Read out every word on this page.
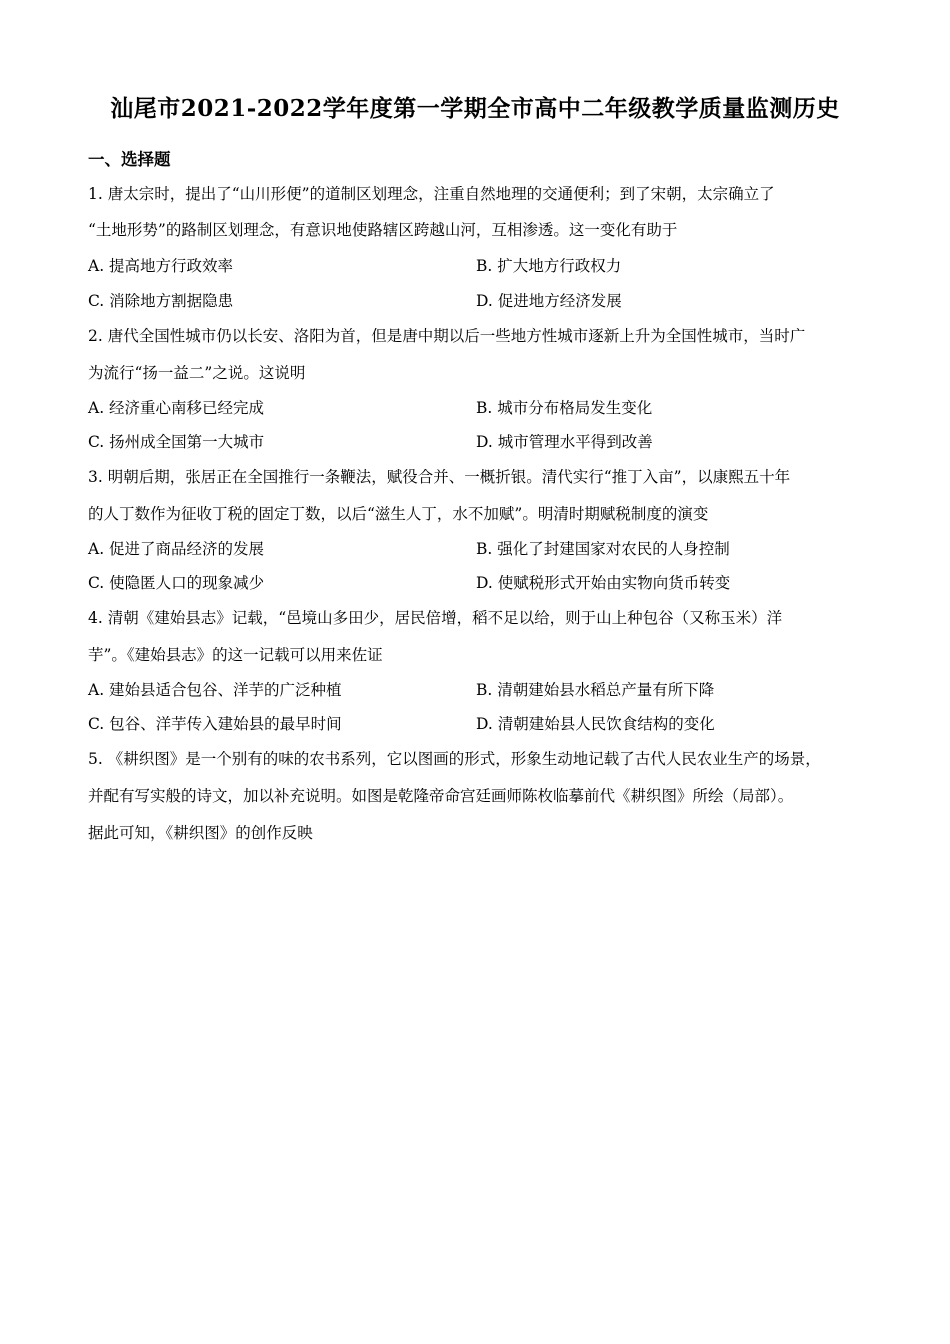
汕尾市2021-2022学年度第一学期全市高中二年级教学质量监测历史
一、选择题
1. 唐太宗时，提出了“山川形便”的道制区划理念，注重自然地理的交通便利；到了宋朝，太宗确立了
“土地形势”的路制区划理念，有意识地使路辖区跨越山河，互相渗透。这一变化有助于
A. 提高地方行政效率	B. 扩大地方行政权力
C. 消除地方割据隐患	D. 促进地方经济发展
2. 唐代全国性城市仍以长安、洛阳为首，但是唐中期以后一些地方性城市逐新上升为全国性城市，当时广
为流行“扬一益二”之说。这说明
A. 经济重心南移已经完成	B. 城市分布格局发生变化
C. 扬州成全国第一大城市	D. 城市管理水平得到改善
3. 明朝后期，张居正在全国推行一条鞭法，赋役合并、一概折银。清代实行“推丁入亩”，以康熙五十年
的人丁数作为征收丁税的固定丁数，以后“滋生人丁，水不加赋”。明清时期赋税制度的演变
A. 促进了商品经济的发展	B. 强化了封建国家对农民的人身控制
C. 使隐匿人口的现象减少	D. 使赋税形式开始由实物向货币转变
4. 清朝《建始县志》记载，“邑境山多田少，居民倍增，稻不足以给，则于山上种包谷（又称玉米）洋
芋”。《建始县志》的这一记载可以用来佐证
A. 建始县适合包谷、洋芋的广泛种植	B. 清朝建始县水稻总产量有所下降
C. 包谷、洋芋传入建始县的最早时间	D. 清朝建始县人民饮食结构的变化
5. 《耕织图》是一个别有的味的农书系列，它以图画的形式，形象生动地记载了古代人民农业生产的场景，
并配有写实般的诗文，加以补充说明。如图是乾隆帝命宫廷画师陈枚临摹前代《耕织图》所绘（局部）。
据此可知，《耕织图》的创作反映
